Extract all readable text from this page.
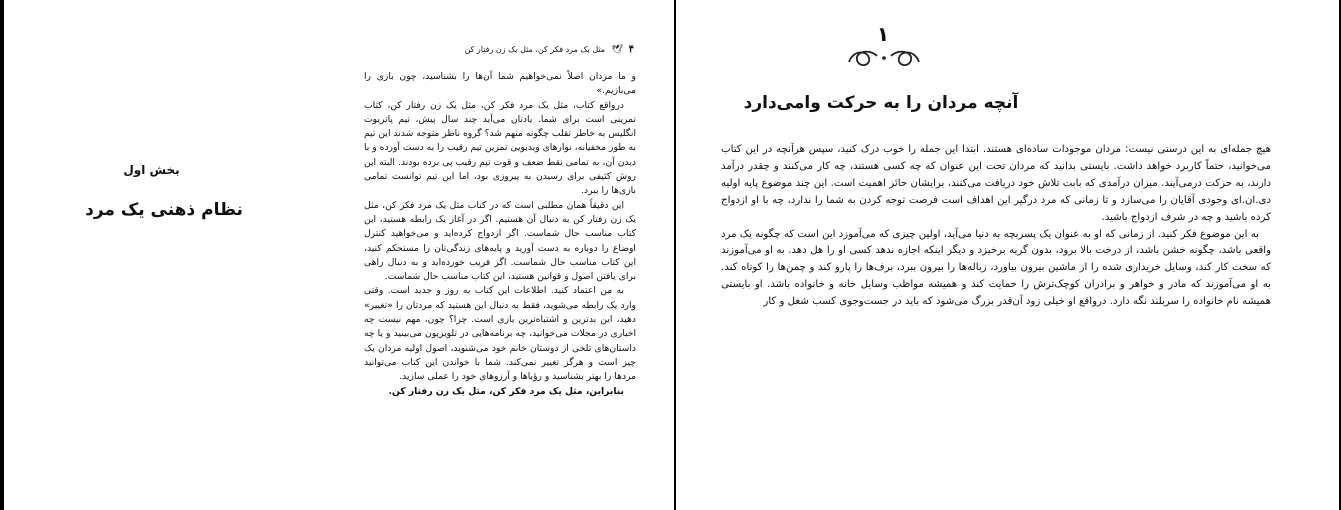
۴ 🕊 مثل یک مرد فکر کن، مثل یک زن رفتار کن

و ما مردان اصلاً نمی‌خواهیم شما آن‌ها را بشناسید، چون بازی را می‌بازیم.»

درواقع کتاب، مثل یک مرد فکر کن، مثل یک زن رفتار کن، کتاب تمرینی است برای شما. یادتان می‌آید چند سال پیش، تیم پاتریوت انگلیس به خاطر تقلب چگونه متهم شد؟ گروه ناظر متوجه شدند این تیم به طور مخفیانه، نوارهای ویدیویی تمرین تیم رقیب را به دست آورده و با دیدن آن، به تمامی نقط ضعف و قوت تیم رقیب پی برده بودند. البته این روش کثیفی برای رسیدن به پیروزی بود، اما این تیم توانست تمامی بازی‌ها را ببرد.

این دقیقاً همان مطلبی است که در کتاب مثل یک مرد فکر کن، مثل یک زن رفتار کن به دنبال آن هستیم. اگر در آغاز یک رابطه هستید، این کتاب مناسب حال شماست. اگر ازدواج کرده‌اید و می‌خواهید کنترل اوضاع را دوباره به دست آورید و پایه‌های زندگی‌تان را مستحکم کنید، این کتاب مناسب حال شماست. اگر فریب خورده‌اید و به دنبال راهی برای یافتن اصول و قوانین هستید، این کتاب مناسب حال شماست.

به من اعتماد کنید. اطلاعات این کتاب به روز و جدید است. وقتی وارد یک رابطه می‌شوید، فقط به دنبال این هستید که مردتان را «تغییر» دهید، این بدترین و اشتباه‌ترین بازی است. چرا؟ چون، مهم نیست چه اخباری در مجلات می‌خوانید، چه برنامه‌هایی در تلویزیون می‌بینید و یا چه داستان‌های تلخی از دوستان خانم خود می‌شنوید، اصول اولیه مردان یک چیز است و هرگز تغییر نمی‌کند. شما با خواندن این کتاب می‌توانید مردها را بهتر بشناسید و رؤیاها و آرزوهای خود را عملی سازید.

بنابراین، مثل یک مرد فکر کن، مثل یک زن رفتار کن.

بخش اول
نظام ذهنی یک مرد
۱
آنچه مردان را به حرکت وامی‌دارد

هیچ جمله‌ای به این درستی نیست: مردان موجودات ساده‌ای هستند. ابتدا این جمله را خوب درک کنید، سپس هرآنچه در این کتاب می‌خوانید، حتماً کاربرد خواهد داشت. بایستی بدانید که مردان تحت این عنوان که چه کسی هستند، چه کار می‌کنند و چقدر درآمد دارند، به حرکت درمی‌آیند. میزان درآمدی که بابت تلاش خود دریافت می‌کنند، برایشان حائز اهمیت است. این چند موضوع پایه اولیه دی.ان.ای وجودی آقایان را می‌سازد و تا زمانی که مرد درگیر این اهداف است فرصت توجه کردن به شما را ندارد، چه با او ازدواج کرده باشید و چه در شرف ازدواج باشید.

به این موضوع فکر کنید. از زمانی که او به عنوان یک پسربچه به دنیا می‌آید، اولین چیزی که می‌آموزد این است که چگونه یک مرد واقعی باشد، چگونه خشن باشد، از درخت بالا برود، بدون گریه برخیزد و دیگر اینکه اجازه ندهد کسی او را هل دهد. به او می‌آموزند که سخت کار کند، وسایل خریداری شده را از ماشین بیرون بیاورد، زباله‌ها را بیرون ببرد، برف‌ها را پارو کند و چمن‌ها را کوتاه کند. به او می‌آموزند که مادر و خواهر و برادران کوچک‌ترش را حمایت کند و همیشه مواظب وسایل خانه و خانواده باشد. او بایستی همیشه نام خانواده را سربلند نگه دارد. درواقع او خیلی زود آن‌قدر بزرگ می‌شود که باید در جست‌وجوی کسب شغل و کار
